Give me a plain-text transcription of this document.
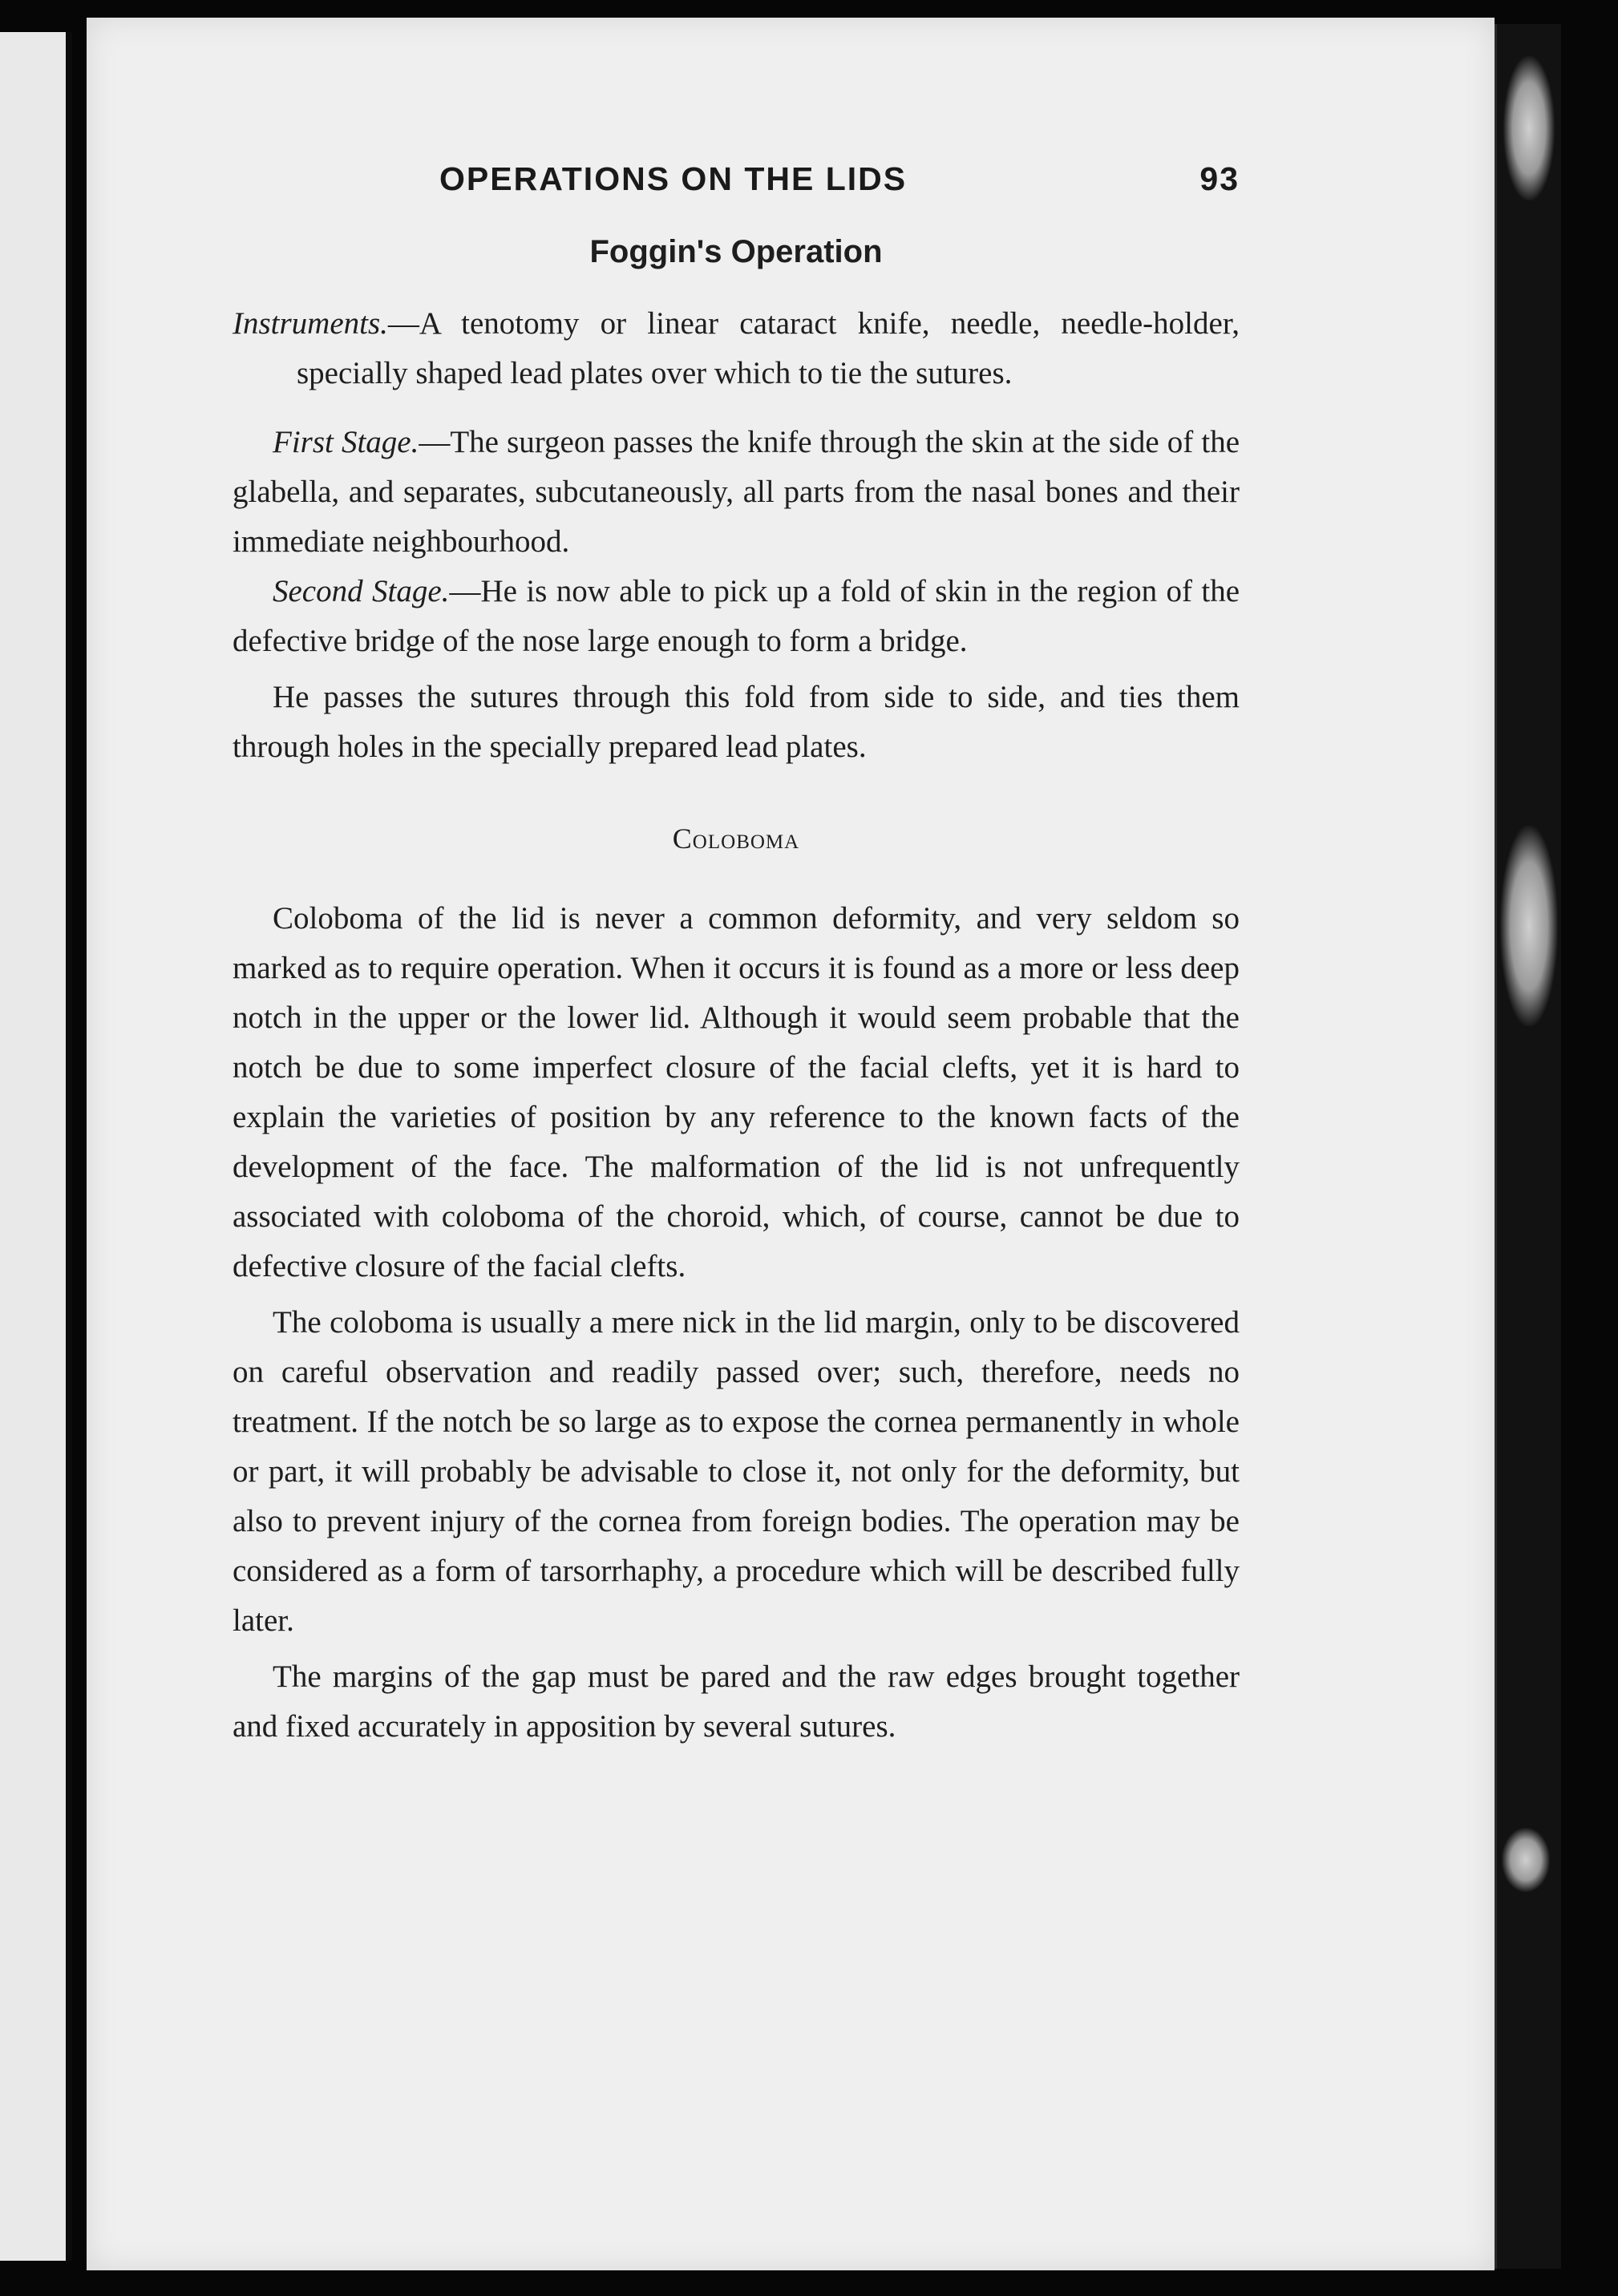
OPERATIONS ON THE LIDS	93
Foggin's Operation

Instruments.—A tenotomy or linear cataract knife, needle, needle-holder, specially shaped lead plates over which to tie the sutures.

First Stage.—The surgeon passes the knife through the skin at the side of the glabella, and separates, subcutaneously, all parts from the nasal bones and their immediate neighbourhood.

Second Stage.—He is now able to pick up a fold of skin in the region of the defective bridge of the nose large enough to form a bridge.

He passes the sutures through this fold from side to side, and ties them through holes in the specially prepared lead plates.

Coloboma

Coloboma of the lid is never a common deformity, and very seldom so marked as to require operation. When it occurs it is found as a more or less deep notch in the upper or the lower lid. Although it would seem probable that the notch be due to some imperfect closure of the facial clefts, yet it is hard to explain the varieties of position by any reference to the known facts of the development of the face. The malformation of the lid is not unfrequently associated with coloboma of the choroid, which, of course, cannot be due to defective closure of the facial clefts.

The coloboma is usually a mere nick in the lid margin, only to be discovered on careful observation and readily passed over; such, therefore, needs no treatment. If the notch be so large as to expose the cornea permanently in whole or part, it will probably be advisable to close it, not only for the deformity, but also to prevent injury of the cornea from foreign bodies. The operation may be considered as a form of tarsorrhaphy, a procedure which will be described fully later.

The margins of the gap must be pared and the raw edges brought together and fixed accurately in apposition by several sutures.
